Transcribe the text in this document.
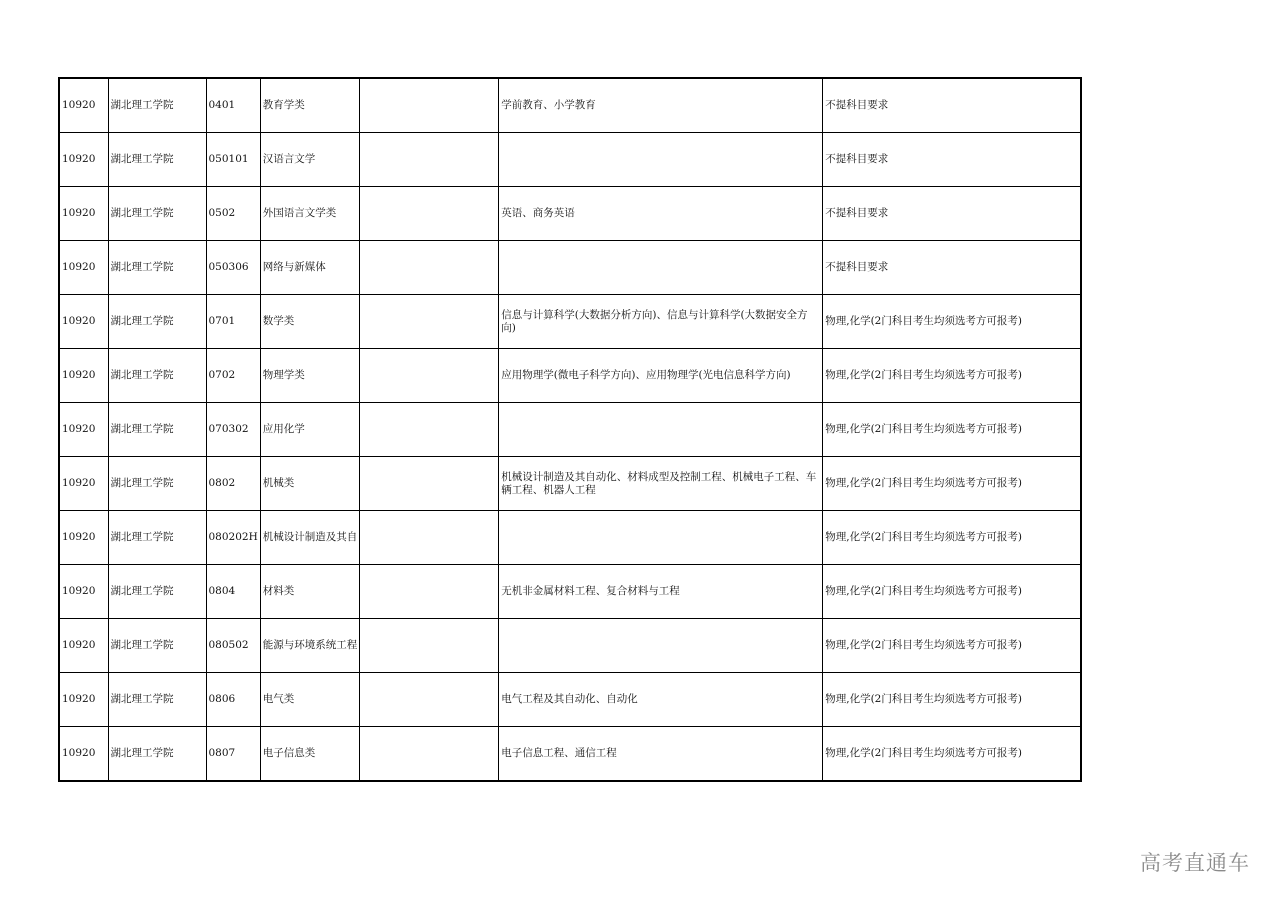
10920	湖北理工学院	0401	教育学类		学前教育、小学教育	不提科目要求
10920	湖北理工学院	050101	汉语言文学			不提科目要求
10920	湖北理工学院	0502	外国语言文学类		英语、商务英语	不提科目要求
10920	湖北理工学院	050306	网络与新媒体			不提科目要求
10920	湖北理工学院	0701	数学类		信息与计算科学(大数据分析方向)、信息与计算科学(大数据安全方向)	物理,化学(2门科目考生均须选考方可报考)
10920	湖北理工学院	0702	物理学类		应用物理学(微电子科学方向)、应用物理学(光电信息科学方向)	物理,化学(2门科目考生均须选考方可报考)
10920	湖北理工学院	070302	应用化学			物理,化学(2门科目考生均须选考方可报考)
10920	湖北理工学院	0802	机械类		机械设计制造及其自动化、材料成型及控制工程、机械电子工程、车辆工程、机器人工程	物理,化学(2门科目考生均须选考方可报考)
10920	湖北理工学院	080202H	机械设计制造及其自			物理,化学(2门科目考生均须选考方可报考)
10920	湖北理工学院	0804	材料类		无机非金属材料工程、复合材料与工程	物理,化学(2门科目考生均须选考方可报考)
10920	湖北理工学院	080502	能源与环境系统工程			物理,化学(2门科目考生均须选考方可报考)
10920	湖北理工学院	0806	电气类		电气工程及其自动化、自动化	物理,化学(2门科目考生均须选考方可报考)
10920	湖北理工学院	0807	电子信息类		电子信息工程、通信工程	物理,化学(2门科目考生均须选考方可报考)
高考直通车
